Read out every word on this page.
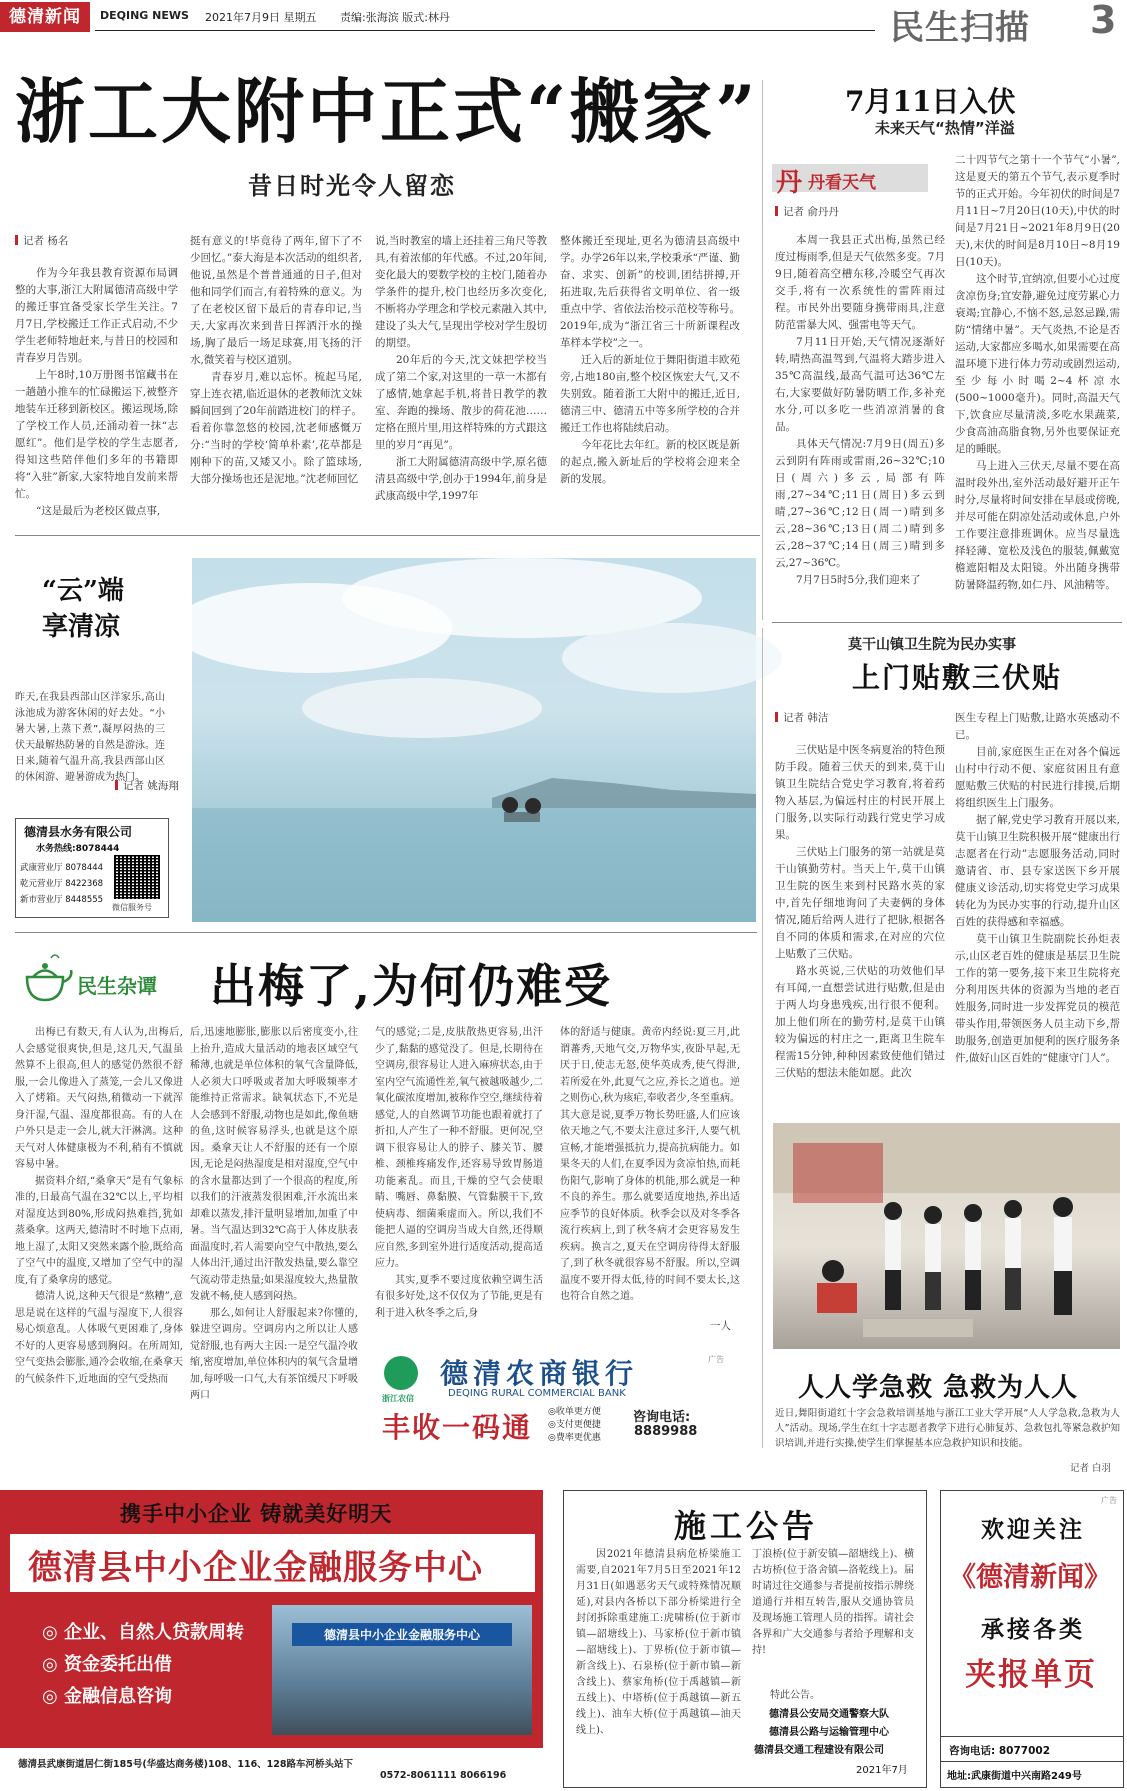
德清新闻	DEQING NEWS 2021年7月9日 星期五 责编:张海滨 版式:林丹	民生扫描 3
浙工大附中正式“搬家”
昔日时光令人留恋
记者 杨名

作为今年我县教育资源布局调整的大事,浙江大附属德清高级中学的搬迁事宜备受家长学生关注。7月7日,学校搬迁工作正式启动,不少学生老师特地赶来,与昔日的校园和青春岁月告别。

上午8时,10万册图书馆藏书在一趟趟小推车的忙碌搬运下,被整齐地装车迁移到新校区。搬运现场,除了学校工作人员,还涌动着一抹“志愿红”。他们是学校的学生志愿者,得知这些陪伴他们多年的书籍即将“入驻”新家,大家特地自发前来帮忙。

“这是最后为老校区做点事,

挺有意义的!毕竟待了两年,留下了不少回忆。”泰大海是本次活动的组织者,他说,虽然是个普普通通的日子,但对他和同学们而言,有着特殊的意义。为了在老校区留下最后的青春印记,当天,大家再次来到昔日挥洒汗水的操场,胸了最后一场足球赛,用飞扬的汗水,微笑着与校区道别。

青春岁月,难以忘怀。梳起马尾,穿上连衣裙,临近退休的老教师沈文妹瞬间回到了20年前踏进校门的样子。看着你靠忽悠的校园,沈老师感慨万分:“当时的学校‘简单朴素’,花草都是刚种下的苗,又矮又小。除了篮球场,大部分操场也还是泥地。”沈老师回忆

说,当时教室的墙上还挂着三角尺等教具,有着浓郁的年代感。不过,20年间,变化最大的要数学校的主校门,随着办学条件的提升,校门也经历多次变化,不断将办学理念和学校元素融入其中,建设了头大气,呈现出学校对学生殷切的期望。

20年后的今天,沈文妹把学校当成了第二个家,对这里的一草一木都有了感情,她拿起手机,将昔日教学的教室、奔跑的操场、散步的荷花池……定格在照片里,用这样特殊的方式跟这里的岁月“再见”。

浙工大附属德清高级中学,原名德清县高级中学,创办于1994年,前身是武康高级中学,1997年

整体搬迁至现址,更名为德清县高级中学。办学26年以来,学校秉承“严谨、勤奋、求实、创新”的校训,团结拼搏,开拓进取,先后获得省文明单位、省一级重点中学、省依法治校示范校等称号。2019年,成为“浙江省三十所新课程改革样本学校”之一。

迁入后的新址位于舞阳街道丰欧苑旁,占地180亩,整个校区恢宏大气,又不失别致。随着浙工大附中的搬迁,近日,德清三中、德清五中等多所学校的合并搬迁工作也将陆续启动。

今年花比去年红。新的校区既是新的起点,搬入新址后的学校将会迎来全新的发展。

7月11日入伏
未来天气“热情”洋溢
丹 丹看天气
记者 俞丹丹

本周一我县正式出梅,虽然已经度过梅雨季,但是天气依然多变。7月9日,随着高空槽东移,冷暖空气再次交手,将有一次系统性的雷阵雨过程。市民外出要随身携带雨具,注意防范雷暴大风、强雷电等天气。

7月11日开始,天气情况逐渐好转,晴热高温驾到,气温将大踏步进入35℃高温线,最高气温可达36℃左右,大家要做好防暑防晒工作,多补充水分,可以多吃一些消凉消暑的食品。

具体天气情况:7月9日(周五)多云到阴有阵雨或雷雨,26~32℃;10日(周六)多云,局部有阵雨,27~34℃;11日(周日)多云到晴,27~36℃;12日(周一)晴到多云,28~36℃;13日(周二)晴到多云,28~37℃;14日(周三)晴到多云,27~36℃。

7月7日5时5分,我们迎来了

二十四节气之第十一个节气“小暑”,这是夏天的第五个节气,表示夏季时节的正式开始。今年初伏的时间是7月11日~7月20日(10天),中伏的时间是7月21日~2021年8月9日(20天),末伏的时间是8月10日~8月19日(10天)。

这个时节,宜纳凉,但要小心过度贪凉伤身;宜安静,避免过度劳累心力衰竭;宜静心,不恼不怒,忌怒忌躁,需防“情绪中暑”。天气炎热,不论是否运动,大家都应多喝水,如果需要在高温环境下进行体力劳动或剧烈运动,至少每小时喝2~4杯凉水(500~1000毫升)。同时,高温天气下,饮食应尽量清淡,多吃水果蔬菜,少食高油高脂食物,另外也要保证充足的睡眠。

马上进入三伏天,尽量不要在高温时段外出,室外活动最好避开正午时分,尽量将时间安排在早晨或傍晚,并尽可能在阴凉处活动或休息,户外工作要注意排班调休。应当尽量选择轻薄、宽松及浅色的服装,佩戴宽檐遮阳帽及太阳镜。外出随身携带防暑降温药物,如仁丹、风油精等。

“云”端
享清凉
昨天,在我县西部山区洋家乐,高山泳池成为游客休闲的好去处。“小暑大暑,上蒸下煮”,凝厚闷热的三伏天最解热防暑的自然是游泳。连日来,随着气温升高,我县西部山区的休闲游、避暑游成为热门。
记者 姚海翔
德清县水务有限公司
水务热线:8078444
武康营业厅 8078444
乾元营业厅 8422368
新市营业厅 8448555
微信服务号
民生杂谭 出梅了,为何仍难受

出梅已有数天,有人认为,出梅后,人会感觉很爽快,但是,这几天,气温虽然算不上很高,但人的感觉仍然很不舒服,一会儿像进入了蒸笼,一会儿又像进入了烤箱。天气闷热,稍微动一下就浑身汗湿,气温、湿度都很高。有的人在户外只是走一会儿,就大汗淋漓。这种天气对人体健康极为不利,稍有不慎就容易中暑。

据资料介绍,“桑拿天”是有气象标准的,日最高气温在32℃以上,平均相对湿度达到80%,形成闷热难挡,犹如蒸桑拿。这两天,德清时不时地下点雨,地上湿了,太阳又突然来露个脸,既给高了空气中的温度,又增加了空气中的湿度,有了桑拿房的感觉。

德清人说,这种天气很是“熬糟”,意思是说在这样的气温与湿度下,人很容易心烦意乱。人体吸气更困难了,身体不好的人更容易感到胸闷。在所周知,空气变热会膨胀,通冷会收缩,在桑拿天的气候条件下,近地面的空气受热而

后,迅速地膨胀,膨胀以后密度变小,往上抬升,造成大量活动的地表区域空气稀薄,也就是单位体积的氧气含量降低,人必须大口呼吸或者加大呼吸频率才能维持正常需求。缺氧状态下,不光是人会感到不舒服,动物也是如此,像鱼塘的鱼,这时候容易浮头,也就是这个原因。桑拿天让人不舒服的还有一个原因,无论是闷热湿度是相对湿度,空气中的含水量都达到了一个很高的程度,所以我们的汗液蒸发很困难,汗水流出来却难以蒸发,排汗量明显增加,加重了中暑。当气温达到32℃高于人体皮肤表面温度时,若人需要向空气中散热,要么人体出汗,通过出汗散发热量,要么靠空气流动带走热量;如果湿度较大,热量散发就不畅,使人感到闷热。

那么,如何让人舒服起来?你懂的,躲进空调房。空调房内之所以让人感觉舒服,也有两大主因:一是空气温冷收缩,密度增加,单位体积内的氧气含量增加,每呼吸一口气,大有茶馆缓尺下呼吸两口

气的感觉;二是,皮肤散热更容易,出汗少了,黏黏的感觉没了。但是,长期待在空调房,很容易让人进入麻痹状态,由于室内空气流通性差,氧气被越吸越少,二氧化碳浓度增加,被称作空空,继续待着感觉,人的自然调节功能也跟着就打了折扣,人产生了一种不舒服。更何况,空调下很容易让人的脖子、膝关节、腰椎、颈椎疼痛发作,还容易导致胃肠道功能紊乱。而且,干燥的空气会使眼睛、嘴唇、鼻黏膜、气管黏膜干下,致使病毒、细菌乘虚而入。所以,我们不能把人逼的空调房当成大自然,还得顺应自然,多到室外进行适度活动,提高适应力。

其实,夏季不要过度依赖空调生活有很多好处,这不仅仅为了节能,更是有利于进入秋冬季之后,身

体的舒适与健康。黄帝内经说:夏三月,此谓蕃秀,天地气交,万物华实,夜卧早起,无厌于日,使志无怒,使华英成秀,使气得泄,若所爱在外,此夏气之应,养长之道也。逆之则伤心,秋为痎疟,奉收者少,冬至重病。其大意是说,夏季万物长势旺盛,人们应该依天地之气,不要太注意过多汗,人要气机宣畅,才能增强抵抗力,提高抗病能力。如果冬天的人们,在夏季因为贪凉怕热,而耗伤阳气,影响了身体的机能,那么就是一种不良的养生。那么就要适度地热,养出适应季节的良好体质。秋季会以及对冬季各流行疾病上,到了秋冬病才会更容易发生疾病。换言之,夏天在空调房待得太舒服了,到了秋冬就很容易不舒服。所以,空调温度不要开得太低,待的时间不要太长,这也符合自然之道。

一人
浙江农信
德清农商银行
DEQING RURAL COMMERCIAL BANK
丰收一码通 ◎收单更方便
◎支付更便捷
◎费率更优惠
咨询电话:
8889988
广告
莫干山镇卫生院为民办实事
上门贴敷三伏贴
记者 韩洁

三伏贴是中医冬病夏治的特色预防手段。随着三伏天的到来,莫干山镇卫生院结合党史学习教育,将着药物入基层,为偏远村庄的村民开展上门服务,以实际行动践行党史学习成果。

三伏贴上门服务的第一站就是莫干山镇勤劳村。当天上午,莫干山镇卫生院的医生来到村民路水英的家中,首先仔细地询问了夫妻俩的身体情况,随后给两人进行了把脉,根据各自不同的体质和需求,在对应的穴位上贴敷了三伏贴。

路水英说,三伏贴的功效他们早有耳闻,一直想尝试进行贴敷,但是由于两人均身患残疾,出行很不便利。加上他们所在的勤劳村,是莫干山镇较为偏远的村庄之一,距离卫生院车程需15分钟,种种因素致使他们错过三伏贴的想法未能如愿。此次

医生专程上门贴敷,让路水英感动不已。

目前,家庭医生正在对各个偏远山村中行动不便、家庭贫困且有意愿贴敷三伏贴的村民进行排摸,后期将组织医生上门服务。

据了解,党史学习教育开展以来,莫干山镇卫生院积极开展“健康出行志愿者在行动”志愿服务活动,同时邀请省、市、县专家送医下乡开展健康义诊活动,切实将党史学习成果转化为为民办实事的行动,提升山区百姓的获得感和幸福感。

莫干山镇卫生院副院长孙炬表示,山区老百姓的健康是基层卫生院工作的第一要务,接下来卫生院将充分利用医共体的资源为当地的老百姓服务,同时进一步发挥党员的模范带头作用,带领医务人员主动下乡,帮助服务,创造更加便利的医疗服务条件,做好山区百姓的“健康守门人”。

人人学急救 急救为人人
近日,舞阳街道红十字会急救培训基地与浙江工业大学开展“人人学急救,急救为人人”活动。现场,学生在红十字志愿者教学下进行心肺复苏、急救包扎等紧急救护知识培训,并进行实操,使学生们掌握基本应急救护知识和技能。
记者 白羽
携手中小企业 铸就美好明天
德清县中小企业金融服务中心
◎ 企业、自然人贷款周转
◎ 资金委托出借
◎ 金融信息咨询
德清县中小企业金融服务中心
德清县武康街道居仁街185号(华盛达商务楼)108、116、128路车河桥头站下
0572-8061111 8066196
施工公告
因2021年德清县病危桥梁施工需要,自2021年7月5日至2021年12月31日(如遇恶劣天气或特殊情况顺延),对县内各桥以下部分桥梁进行全封闭拆除重建施工:虎啸桥(位于新市镇—韶塘线上)、马家桥(位于新市镇—韶塘线上)、丁界桥(位于新市镇—新含线上)、石泉桥(位于新市镇—新含线上)、蔡家角桥(位于禹越镇—新五线上)、中塔桥(位于禹越镇—新五线上)、油车大桥(位于禹越镇—油天线上)、
丁浪桥(位于新安镇—韶塘线上)、横古坊桥(位于洛舍镇—洛乾线上)。届时请过往交通参与者提前按指示牌绕道通行并相互转告,服从交通协管员及现场施工管理人员的指挥。请社会各界和广大交通参与者给予理解和支持!
特此公告。
德清县公安局交通警察大队
德清县公路与运输管理中心
德清县交通工程建设有限公司
2021年7月
广告
欢迎关注
《德清新闻》
承接各类
夹报单页
咨询电话: 8077002
地址:武康街道中兴南路249号
